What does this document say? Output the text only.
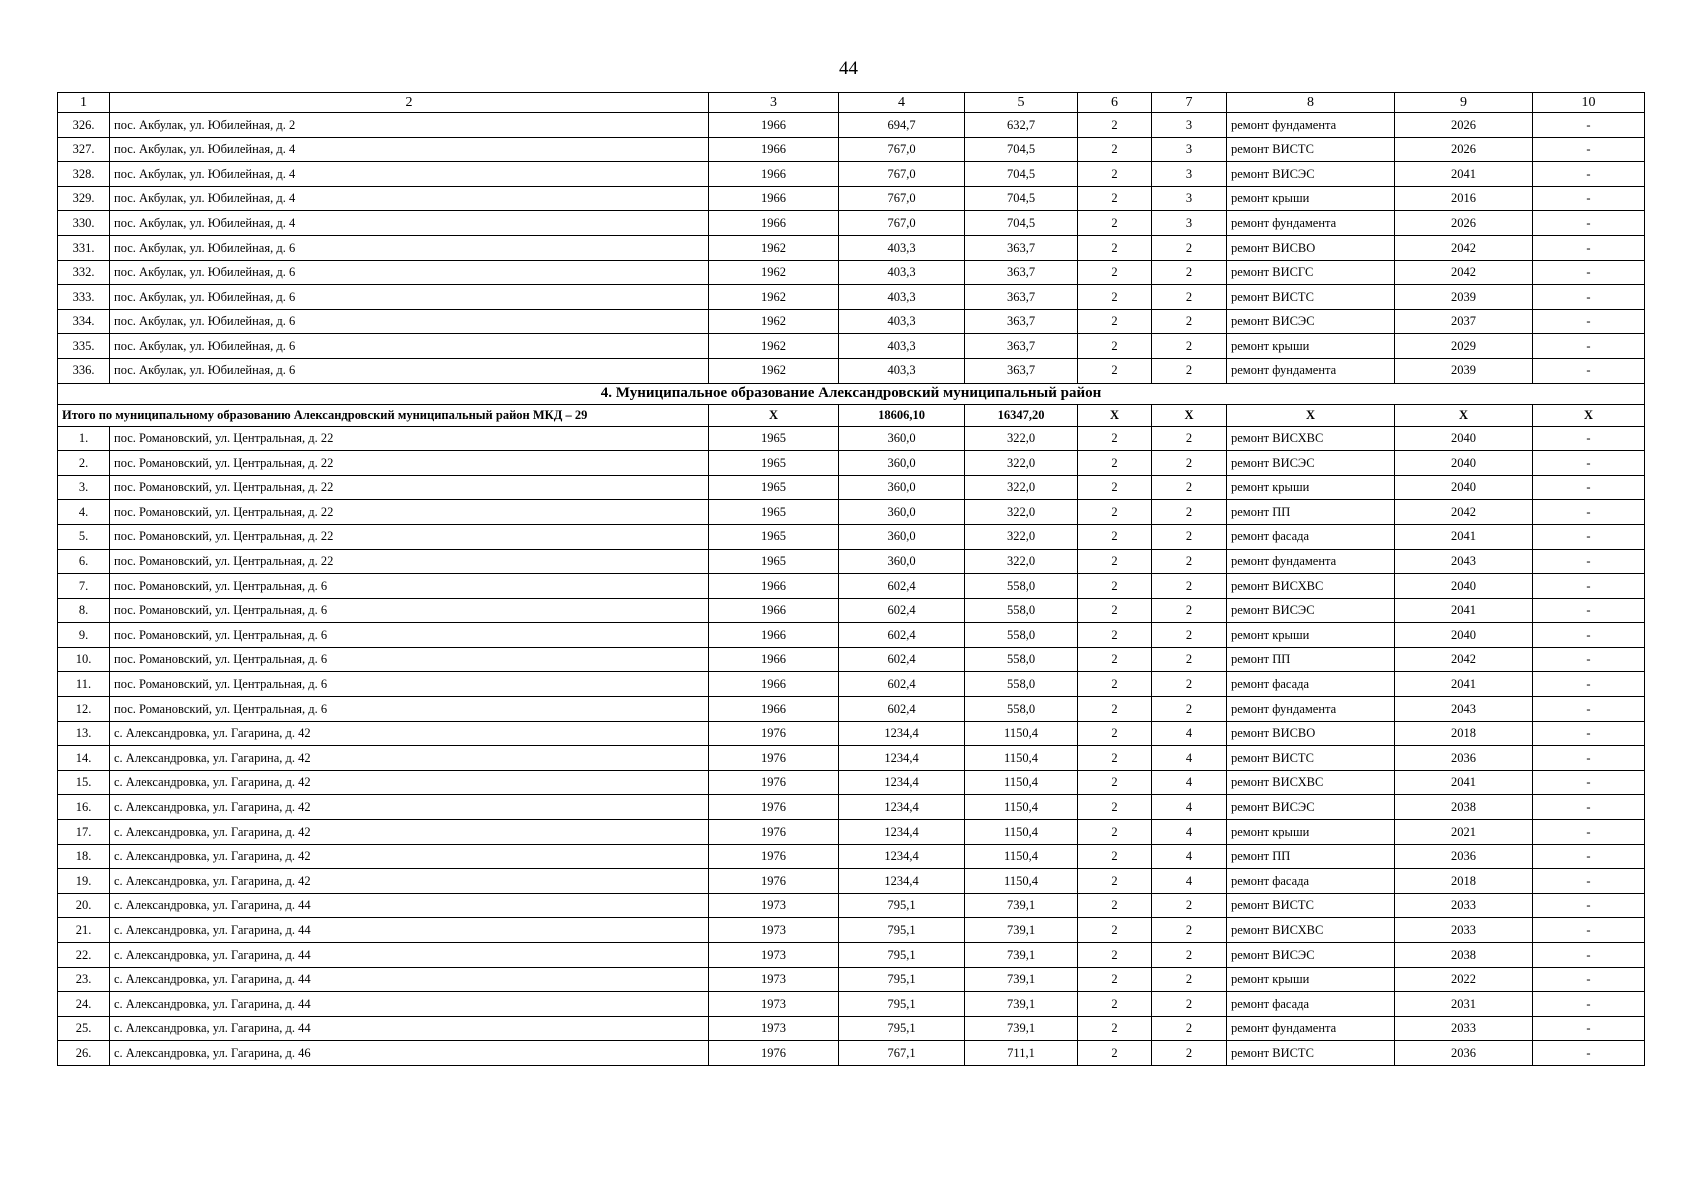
44
1	2	3	4	5	6	7	8	9	10
326.	пос. Акбулак, ул. Юбилейная, д. 2	1966	694,7	632,7	2	3	ремонт фундамента	2026	-
327.	пос. Акбулак, ул. Юбилейная, д. 4	1966	767,0	704,5	2	3	ремонт ВИСТС	2026	-
328.	пос. Акбулак, ул. Юбилейная, д. 4	1966	767,0	704,5	2	3	ремонт ВИСЭС	2041	-
329.	пос. Акбулак, ул. Юбилейная, д. 4	1966	767,0	704,5	2	3	ремонт крыши	2016	-
330.	пос. Акбулак, ул. Юбилейная, д. 4	1966	767,0	704,5	2	3	ремонт фундамента	2026	-
331.	пос. Акбулак, ул. Юбилейная, д. 6	1962	403,3	363,7	2	2	ремонт ВИСВО	2042	-
332.	пос. Акбулак, ул. Юбилейная, д. 6	1962	403,3	363,7	2	2	ремонт ВИСГС	2042	-
333.	пос. Акбулак, ул. Юбилейная, д. 6	1962	403,3	363,7	2	2	ремонт ВИСТС	2039	-
334.	пос. Акбулак, ул. Юбилейная, д. 6	1962	403,3	363,7	2	2	ремонт ВИСЭС	2037	-
335.	пос. Акбулак, ул. Юбилейная, д. 6	1962	403,3	363,7	2	2	ремонт крыши	2029	-
336.	пос. Акбулак, ул. Юбилейная, д. 6	1962	403,3	363,7	2	2	ремонт фундамента	2039	-
4. Муниципальное образование Александровский муниципальный район									
Итого по муниципальному образованию Александровский муниципальный район МКД – 29		Х	18606,10	16347,20	Х	Х	Х	Х	Х
1.	пос. Романовский, ул. Центральная, д. 22	1965	360,0	322,0	2	2	ремонт ВИСХВС	2040	-
2.	пос. Романовский, ул. Центральная, д. 22	1965	360,0	322,0	2	2	ремонт ВИСЭС	2040	-
3.	пос. Романовский, ул. Центральная, д. 22	1965	360,0	322,0	2	2	ремонт крыши	2040	-
4.	пос. Романовский, ул. Центральная, д. 22	1965	360,0	322,0	2	2	ремонт ПП	2042	-
5.	пос. Романовский, ул. Центральная, д. 22	1965	360,0	322,0	2	2	ремонт фасада	2041	-
6.	пос. Романовский, ул. Центральная, д. 22	1965	360,0	322,0	2	2	ремонт фундамента	2043	-
7.	пос. Романовский, ул. Центральная, д. 6	1966	602,4	558,0	2	2	ремонт ВИСХВС	2040	-
8.	пос. Романовский, ул. Центральная, д. 6	1966	602,4	558,0	2	2	ремонт ВИСЭС	2041	-
9.	пос. Романовский, ул. Центральная, д. 6	1966	602,4	558,0	2	2	ремонт крыши	2040	-
10.	пос. Романовский, ул. Центральная, д. 6	1966	602,4	558,0	2	2	ремонт ПП	2042	-
11.	пос. Романовский, ул. Центральная, д. 6	1966	602,4	558,0	2	2	ремонт фасада	2041	-
12.	пос. Романовский, ул. Центральная, д. 6	1966	602,4	558,0	2	2	ремонт фундамента	2043	-
13.	с. Александровка, ул. Гагарина, д. 42	1976	1234,4	1150,4	2	4	ремонт ВИСВО	2018	-
14.	с. Александровка, ул. Гагарина, д. 42	1976	1234,4	1150,4	2	4	ремонт ВИСТС	2036	-
15.	с. Александровка, ул. Гагарина, д. 42	1976	1234,4	1150,4	2	4	ремонт ВИСХВС	2041	-
16.	с. Александровка, ул. Гагарина, д. 42	1976	1234,4	1150,4	2	4	ремонт ВИСЭС	2038	-
17.	с. Александровка, ул. Гагарина, д. 42	1976	1234,4	1150,4	2	4	ремонт крыши	2021	-
18.	с. Александровка, ул. Гагарина, д. 42	1976	1234,4	1150,4	2	4	ремонт ПП	2036	-
19.	с. Александровка, ул. Гагарина, д. 42	1976	1234,4	1150,4	2	4	ремонт фасада	2018	-
20.	с. Александровка, ул. Гагарина, д. 44	1973	795,1	739,1	2	2	ремонт ВИСТС	2033	-
21.	с. Александровка, ул. Гагарина, д. 44	1973	795,1	739,1	2	2	ремонт ВИСХВС	2033	-
22.	с. Александровка, ул. Гагарина, д. 44	1973	795,1	739,1	2	2	ремонт ВИСЭС	2038	-
23.	с. Александровка, ул. Гагарина, д. 44	1973	795,1	739,1	2	2	ремонт крыши	2022	-
24.	с. Александровка, ул. Гагарина, д. 44	1973	795,1	739,1	2	2	ремонт фасада	2031	-
25.	с. Александровка, ул. Гагарина, д. 44	1973	795,1	739,1	2	2	ремонт фундамента	2033	-
26.	с. Александровка, ул. Гагарина, д. 46	1976	767,1	711,1	2	2	ремонт ВИСТС	2036	-
